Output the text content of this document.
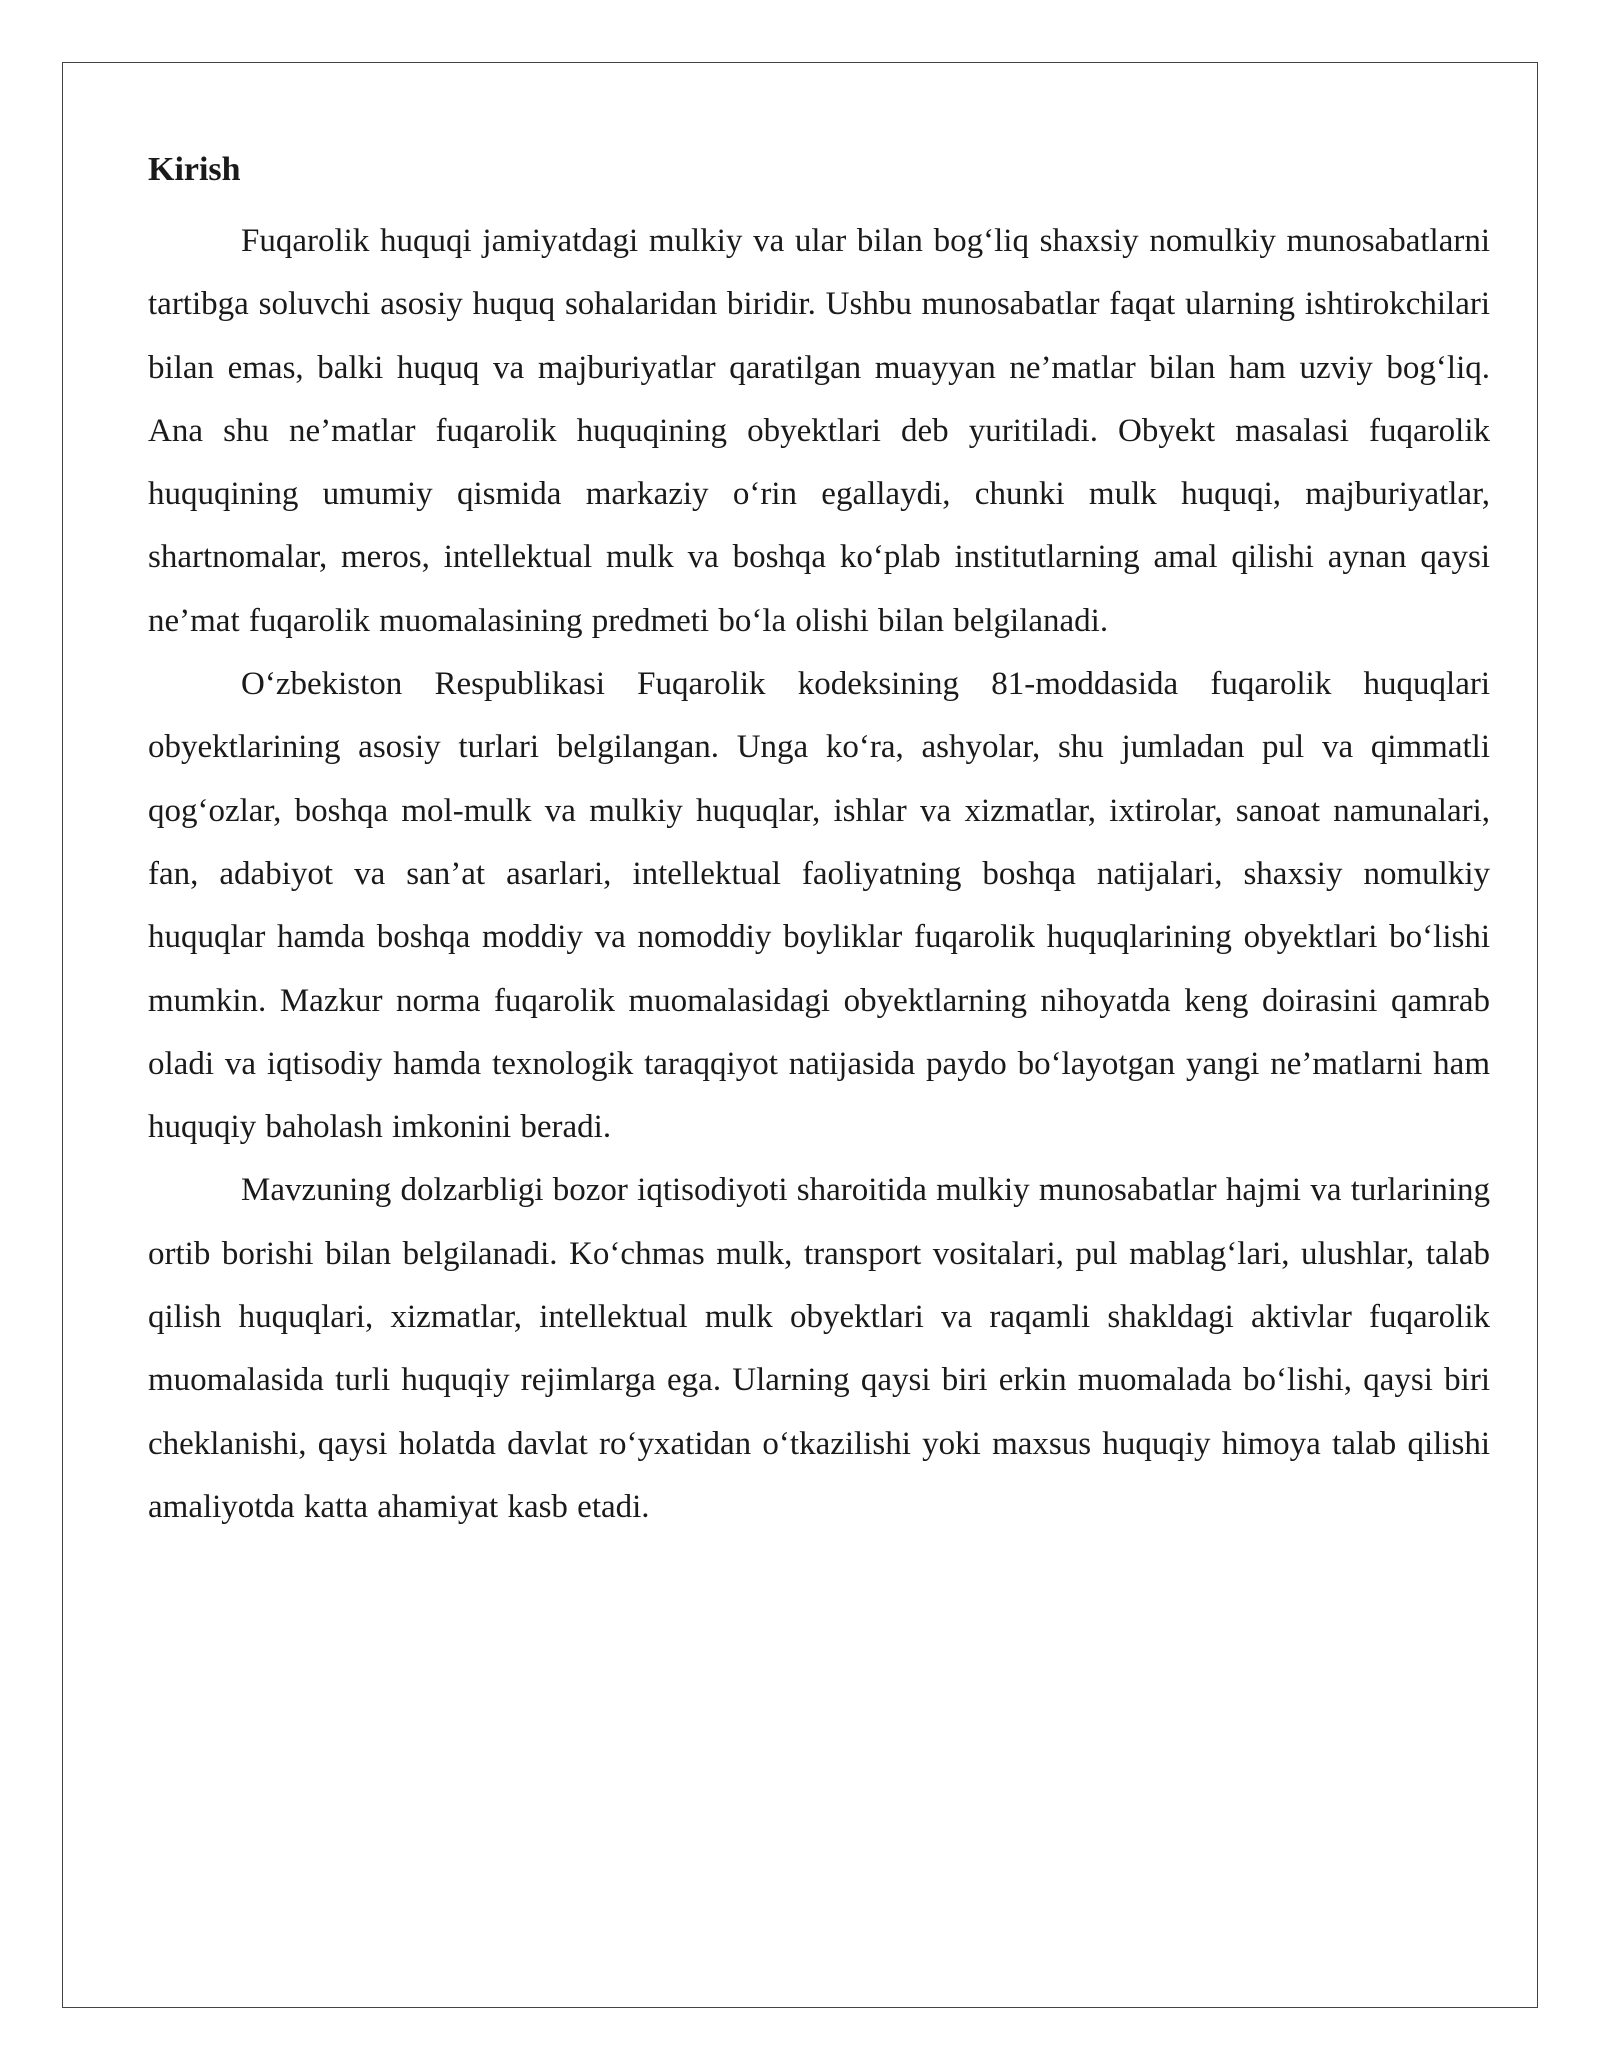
Kirish

Fuqarolik huquqi jamiyatdagi mulkiy va ular bilan bog‘liq shaxsiy nomulkiy munosabatlarni tartibga soluvchi asosiy huquq sohalaridan biridir. Ushbu munosabatlar faqat ularning ishtirokchilari bilan emas, balki huquq va majburiyatlar qaratilgan muayyan ne’matlar bilan ham uzviy bog‘liq. Ana shu ne’matlar fuqarolik huquqining obyektlari deb yuritiladi. Obyekt masalasi fuqarolik huquqining umumiy qismida markaziy o‘rin egallaydi, chunki mulk huquqi, majburiyatlar, shartnomalar, meros, intellektual mulk va boshqa ko‘plab institutlarning amal qilishi aynan qaysi ne’mat fuqarolik muomalasining predmeti bo‘la olishi bilan belgilanadi.

O‘zbekiston Respublikasi Fuqarolik kodeksining 81-moddasida fuqarolik huquqlari obyektlarining asosiy turlari belgilangan. Unga ko‘ra, ashyolar, shu jumladan pul va qimmatli qog‘ozlar, boshqa mol-mulk va mulkiy huquqlar, ishlar va xizmatlar, ixtirolar, sanoat namunalari, fan, adabiyot va san’at asarlari, intellektual faoliyatning boshqa natijalari, shaxsiy nomulkiy huquqlar hamda boshqa moddiy va nomoddiy boyliklar fuqarolik huquqlarining obyektlari bo‘lishi mumkin. Mazkur norma fuqarolik muomalasidagi obyektlarning nihoyatda keng doirasini qamrab oladi va iqtisodiy hamda texnologik taraqqiyot natijasida paydo bo‘layotgan yangi ne’matlarni ham huquqiy baholash imkonini beradi.

Mavzuning dolzarbligi bozor iqtisodiyoti sharoitida mulkiy munosabatlar hajmi va turlarining ortib borishi bilan belgilanadi. Ko‘chmas mulk, transport vositalari, pul mablag‘lari, ulushlar, talab qilish huquqlari, xizmatlar, intellektual mulk obyektlari va raqamli shakldagi aktivlar fuqarolik muomalasida turli huquqiy rejimlarga ega. Ularning qaysi biri erkin muomalada bo‘lishi, qaysi biri cheklanishi, qaysi holatda davlat ro‘yxatidan o‘tkazilishi yoki maxsus huquqiy himoya talab qilishi amaliyotda katta ahamiyat kasb etadi.
